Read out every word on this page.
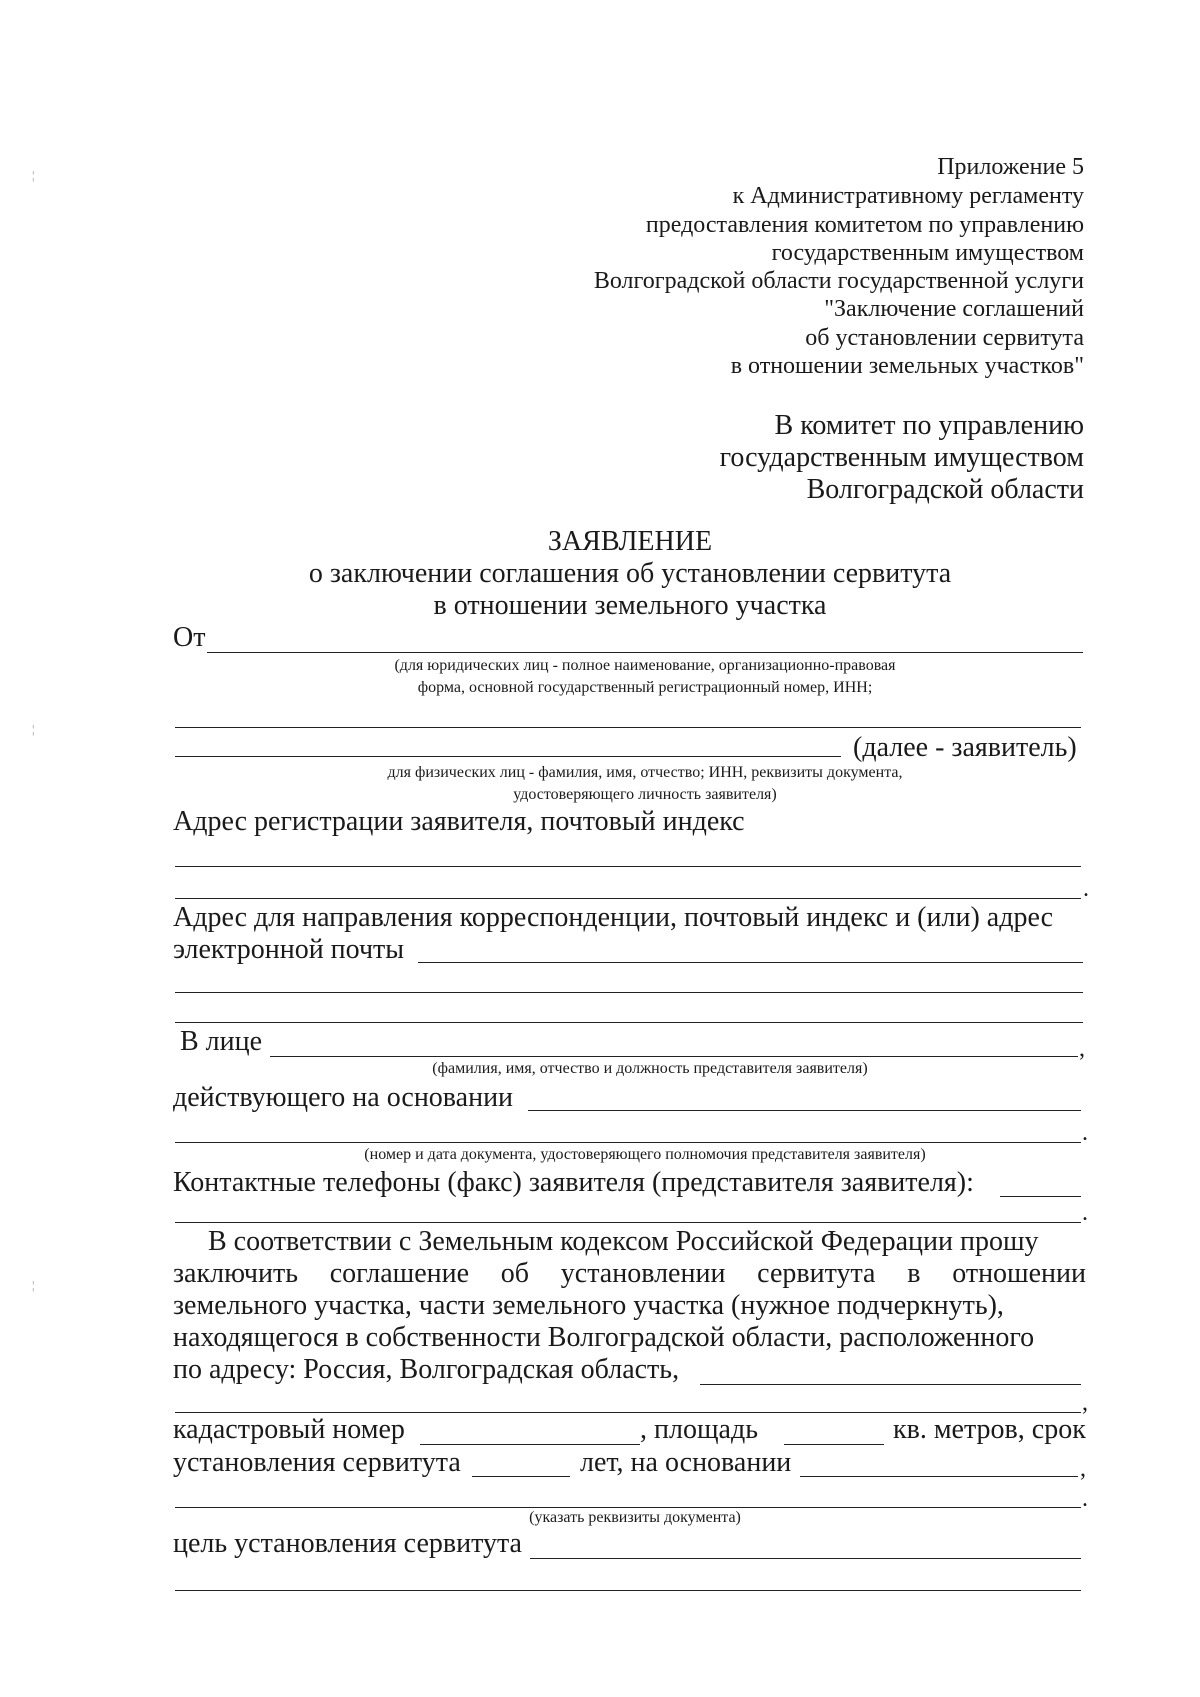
Приложение 5
к Административному регламенту
предоставления комитетом по управлению
государственным имуществом
Волгоградской области государственной услуги
"Заключение соглашений
об установлении сервитута
в отношении земельных участков"
В комитет по управлению
государственным имуществом
Волгоградской области
ЗАЯВЛЕНИЕ
о заключении соглашения об установлении сервитута
в отношении земельного участка
От
(для юридических лиц - полное наименование, организационно-правовая
форма, основной государственный регистрационный номер, ИНН;
(далее - заявитель)
для физических лиц - фамилия, имя, отчество; ИНН, реквизиты документа,
удостоверяющего личность заявителя)
Адрес регистрации заявителя, почтовый индекс
.
Адрес для направления корреспонденции, почтовый индекс и (или) адрес
электронной почты
В лице	,
(фамилия, имя, отчество и должность представителя заявителя)
действующего на основании
.
(номер и дата документа, удостоверяющего полномочия представителя заявителя)
Контактные телефоны (факс) заявителя (представителя заявителя):
.
В соответствии с Земельным кодексом Российской Федерации прошу
заключить соглашение об установлении сервитута в отношении
земельного участка, части земельного участка (нужное подчеркнуть),
находящегося в собственности Волгоградской области, расположенного
по адресу: Россия, Волгоградская область,
,
кадастровый номер	, площадь	кв. метров, срок
установления сервитута	лет, на основании	,
.
(указать реквизиты документа)
цель установления сервитута
¦
¦
¦
